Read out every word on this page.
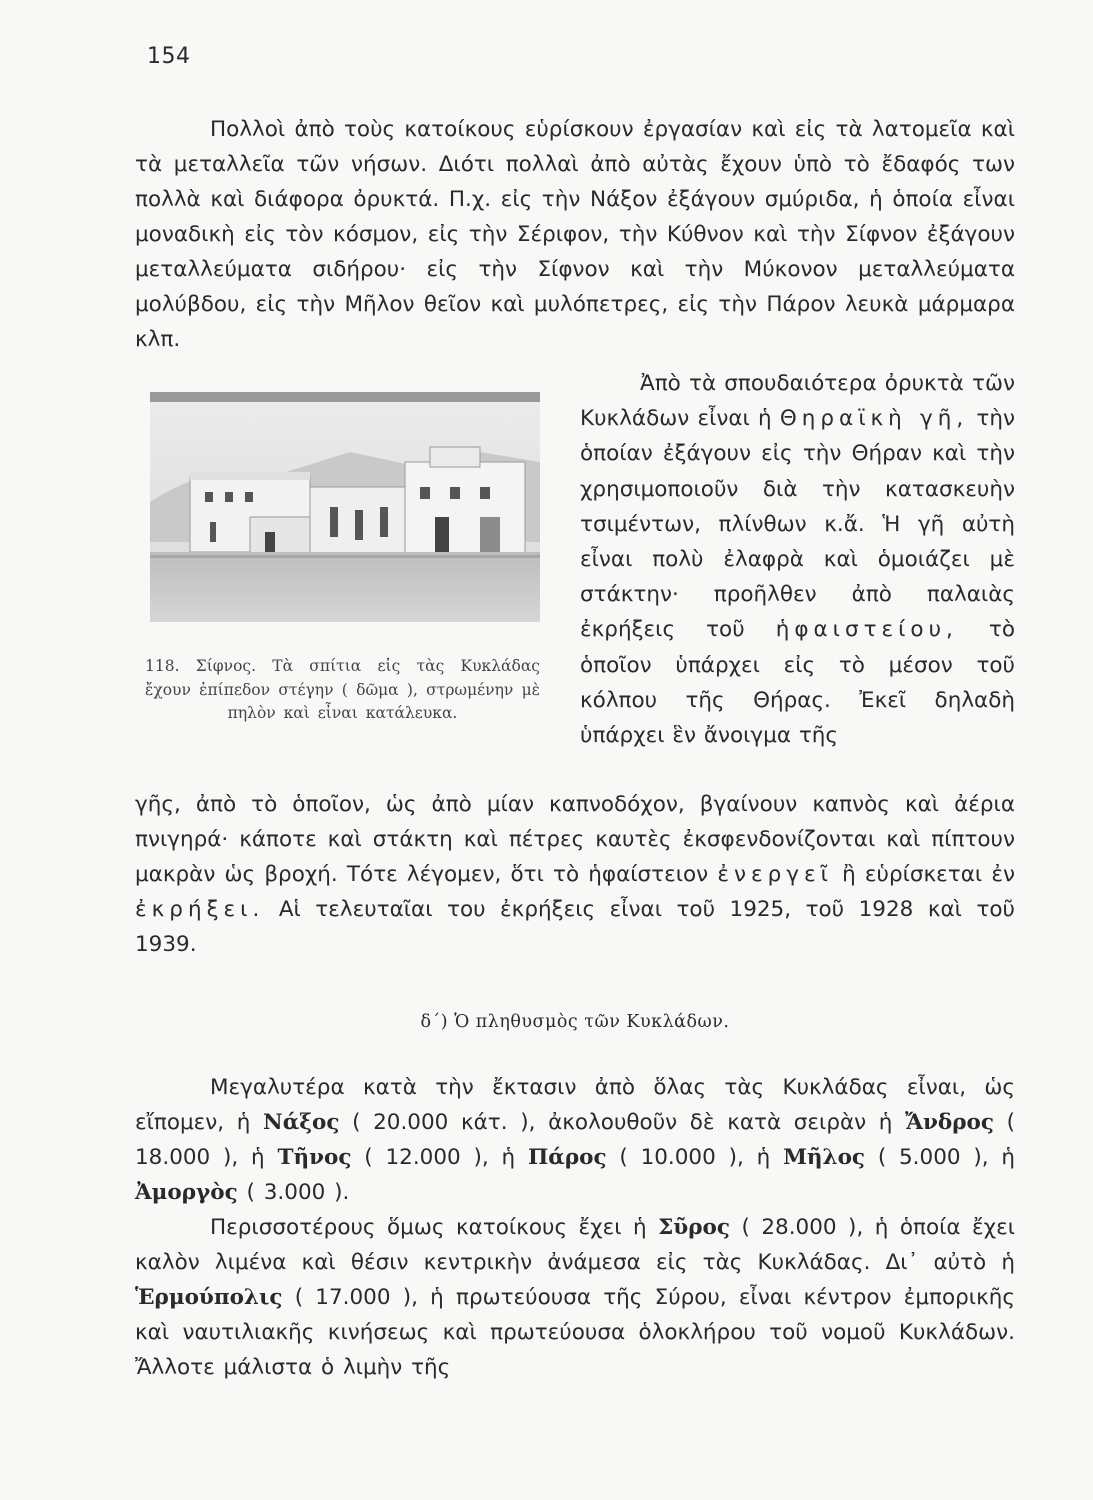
154

Πολλοὶ ἀπὸ τοὺς κατοίκους εὑρίσκουν ἐργασίαν καὶ εἰς τὰ λατομεῖα καὶ τὰ μεταλλεῖα τῶν νήσων. Διότι πολλαὶ ἀπὸ αὐτὰς ἔχουν ὑπὸ τὸ ἔδαφός των πολλὰ καὶ διάφορα ὀρυκτά. Π.χ. εἰς τὴν Νάξον ἐξάγουν σμύριδα, ἡ ὁποία εἶναι μοναδικὴ εἰς τὸν κόσμον, εἰς τὴν Σέριφον, τὴν Κύθνον καὶ τὴν Σίφνον ἐξάγουν μεταλλεύματα σιδήρου· εἰς τὴν Σίφνον καὶ τὴν Μύκονον μεταλλεύματα μολύβδου, εἰς τὴν Μῆλον θεῖον καὶ μυλόπετρες, εἰς τὴν Πάρον λευκὰ μάρμαρα κλπ.

118. Σίφνος. Τὰ σπίτια εἰς τὰς Κυκλάδας ἔχουν ἐπίπεδον στέγην ( δῶμα ), στρωμένην μὲ πηλὸν καὶ εἶναι κατάλευκα.

Ἀπὸ τὰ σπουδαιότερα ὀρυκτὰ τῶν Κυκλάδων εἶναι ἡ Θηραϊκὴ γῆ, τὴν ὁποίαν ἐξάγουν εἰς τὴν Θήραν καὶ τὴν χρησιμοποιοῦν διὰ τὴν κατασκευὴν τσιμέντων, πλίνθων κ.ἄ. Ἡ γῆ αὐτὴ εἶναι πολὺ ἐλαφρὰ καὶ ὁμοιάζει μὲ στάκτην· προῆλθεν ἀπὸ παλαιὰς ἐκρήξεις τοῦ ἡφαιστείου, τὸ ὁποῖον ὑπάρχει εἰς τὸ μέσον τοῦ κόλπου τῆς Θήρας. Ἐκεῖ δηλαδὴ ὑπάρχει ἓν ἄνοιγμα τῆς

γῆς, ἀπὸ τὸ ὁποῖον, ὡς ἀπὸ μίαν καπνοδόχον, βγαίνουν καπνὸς καὶ ἀέρια πνιγηρά· κάποτε καὶ στάκτη καὶ πέτρες καυτὲς ἐκσφενδονίζονται καὶ πίπτουν μακρὰν ὡς βροχή. Τότε λέγομεν, ὅτι τὸ ἡφαίστειον ἐνεργεῖ ἢ εὑρίσκεται ἐν ἐκρήξει. Αἱ τελευταῖαι του ἐκρήξεις εἶναι τοῦ 1925, τοῦ 1928 καὶ τοῦ 1939.

δ΄) Ὁ πληθυσμὸς τῶν Κυκλάδων.

Μεγαλυτέρα κατὰ τὴν ἔκτασιν ἀπὸ ὅλας τὰς Κυκλάδας εἶναι, ὡς εἴπομεν, ἡ Νάξος ( 20.000 κάτ. ), ἀκολουθοῦν δὲ κατὰ σειρὰν ἡ Ἄνδρος ( 18.000 ), ἡ Τῆνος ( 12.000 ), ἡ Πάρος ( 10.000 ), ἡ Μῆλος ( 5.000 ), ἡ Ἀμοργὸς ( 3.000 ).

Περισσοτέρους ὅμως κατοίκους ἔχει ἡ Σῦρος ( 28.000 ), ἡ ὁποία ἔχει καλὸν λιμένα καὶ θέσιν κεντρικὴν ἀνάμεσα εἰς τὰς Κυκλάδας. Δι᾽ αὐτὸ ἡ Ἑρμούπολις ( 17.000 ), ἡ πρωτεύουσα τῆς Σύρου, εἶναι κέντρον ἐμπορικῆς καὶ ναυτιλιακῆς κινήσεως καὶ πρωτεύουσα ὁλοκλήρου τοῦ νομοῦ Κυκλάδων. Ἄλλοτε μάλιστα ὁ λιμὴν τῆς
